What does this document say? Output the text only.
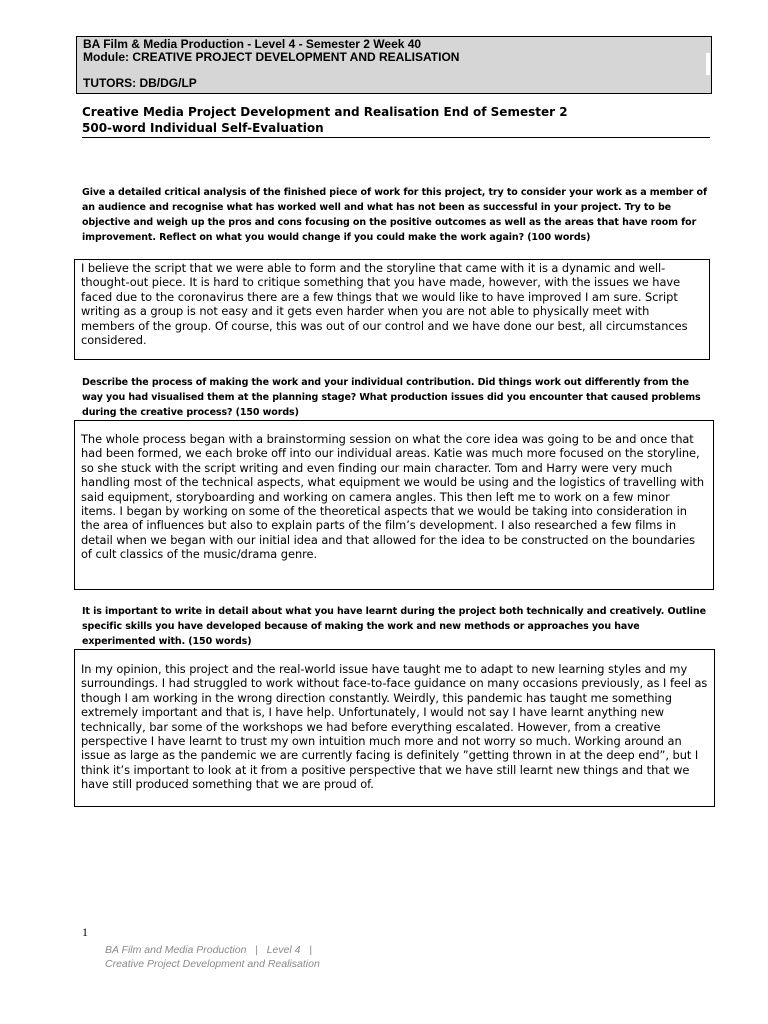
BA Film & Media Production - Level 4 - Semester 2 Week 40
Module: CREATIVE PROJECT DEVELOPMENT AND REALISATION
TUTORS: DB/DG/LP
Creative Media Project Development and Realisation End of Semester 2
500-word Individual Self-Evaluation
Give a detailed critical analysis of the finished piece of work for this project, try to consider your work as a member of an audience and recognise what has worked well and what has not been as successful in your project. Try to be objective and weigh up the pros and cons focusing on the positive outcomes as well as the areas that have room for improvement. Reflect on what you would change if you could make the work again? (100 words)
I believe the script that we were able to form and the storyline that came with it is a dynamic and well-thought-out piece. It is hard to critique something that you have made, however, with the issues we have faced due to the coronavirus there are a few things that we would like to have improved I am sure. Script writing as a group is not easy and it gets even harder when you are not able to physically meet with members of the group. Of course, this was out of our control and we have done our best, all circumstances considered.
Describe the process of making the work and your individual contribution. Did things work out differently from the way you had visualised them at the planning stage? What production issues did you encounter that caused problems during the creative process? (150 words)
The whole process began with a brainstorming session on what the core idea was going to be and once that had been formed, we each broke off into our individual areas. Katie was much more focused on the storyline, so she stuck with the script writing and even finding our main character. Tom and Harry were very much handling most of the technical aspects, what equipment we would be using and the logistics of travelling with said equipment, storyboarding and working on camera angles. This then left me to work on a few minor items. I began by working on some of the theoretical aspects that we would be taking into consideration in the area of influences but also to explain parts of the film’s development. I also researched a few films in detail when we began with our initial idea and that allowed for the idea to be constructed on the boundaries of cult classics of the music/drama genre.
It is important to write in detail about what you have learnt during the project both technically and creatively. Outline specific skills you have developed because of making the work and new methods or approaches you have experimented with. (150 words)
In my opinion, this project and the real-world issue have taught me to adapt to new learning styles and my surroundings. I had struggled to work without face-to-face guidance on many occasions previously, as I feel as though I am working in the wrong direction constantly. Weirdly, this pandemic has taught me something extremely important and that is, I have help. Unfortunately, I would not say I have learnt anything new technically, bar some of the workshops we had before everything escalated. However, from a creative perspective I have learnt to trust my own intuition much more and not worry so much. Working around an issue as large as the pandemic we are currently facing is definitely ”getting thrown in at the deep end”, but I think it’s important to look at it from a positive perspective that we have still learnt new things and that we have still produced something that we are proud of.
1
BA Film and Media Production   |   Level 4   |
Creative Project Development and Realisation
